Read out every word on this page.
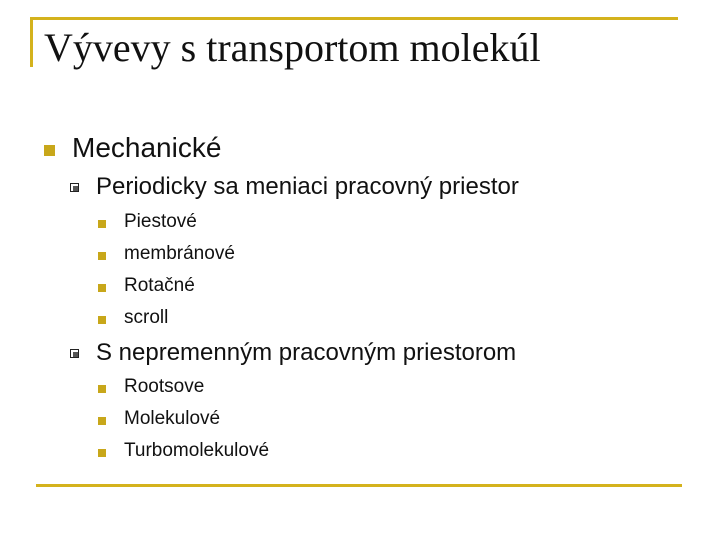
Vývevy s transportom molekúl
Mechanické
Periodicky sa meniaci pracovný priestor
Piestové
membránové
Rotačné
scroll
S nepremenným pracovným priestorom
Rootsove
Molekulové
Turbomolekulové
